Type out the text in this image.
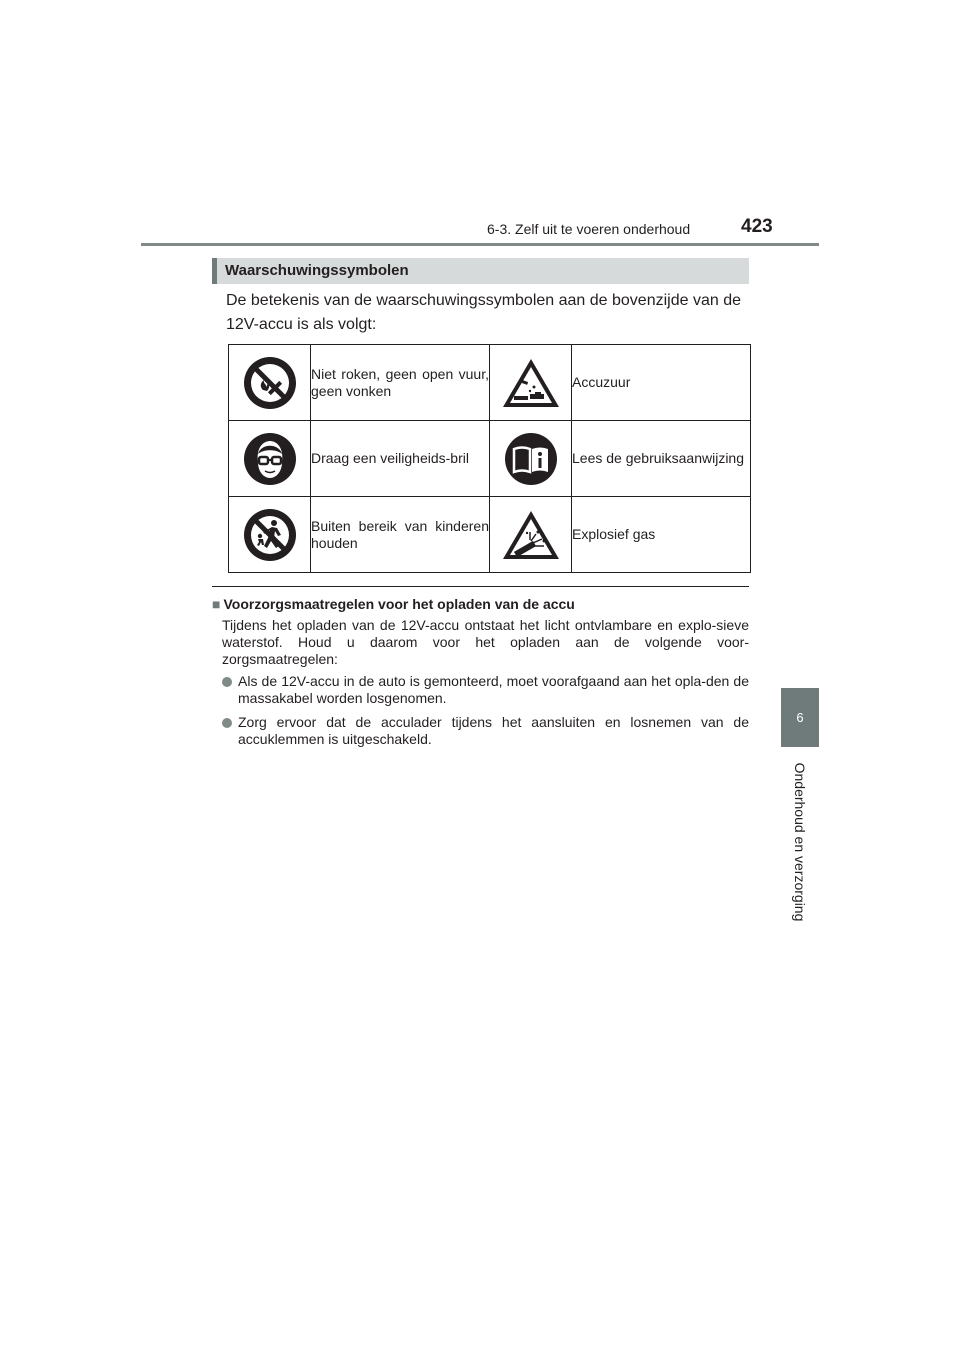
6-3. Zelf uit te voeren onderhoud	423
6
Onderhoud en verzorging
Waarschuwingssymbolen
De betekenis van de waarschuwingssymbolen aan de bovenzijde van de 12V-accu is als volgt:
	Niet roken, geen open vuur, geen vonken		Accuzuur
	Draag een veiligheids-bril		Lees de gebruiksaanwijzing
	Buiten bereik van kinderen houden		Explosief gas
■ Voorzorgsmaatregelen voor het opladen van de accu
Tijdens het opladen van de 12V-accu ontstaat het licht ontvlambare en explo-sieve waterstof. Houd u daarom voor het opladen aan de volgende voor-zorgsmaatregelen:
Als de 12V-accu in de auto is gemonteerd, moet voorafgaand aan het opla-den de massakabel worden losgenomen.
Zorg ervoor dat de acculader tijdens het aansluiten en losnemen van de accuklemmen is uitgeschakeld.
